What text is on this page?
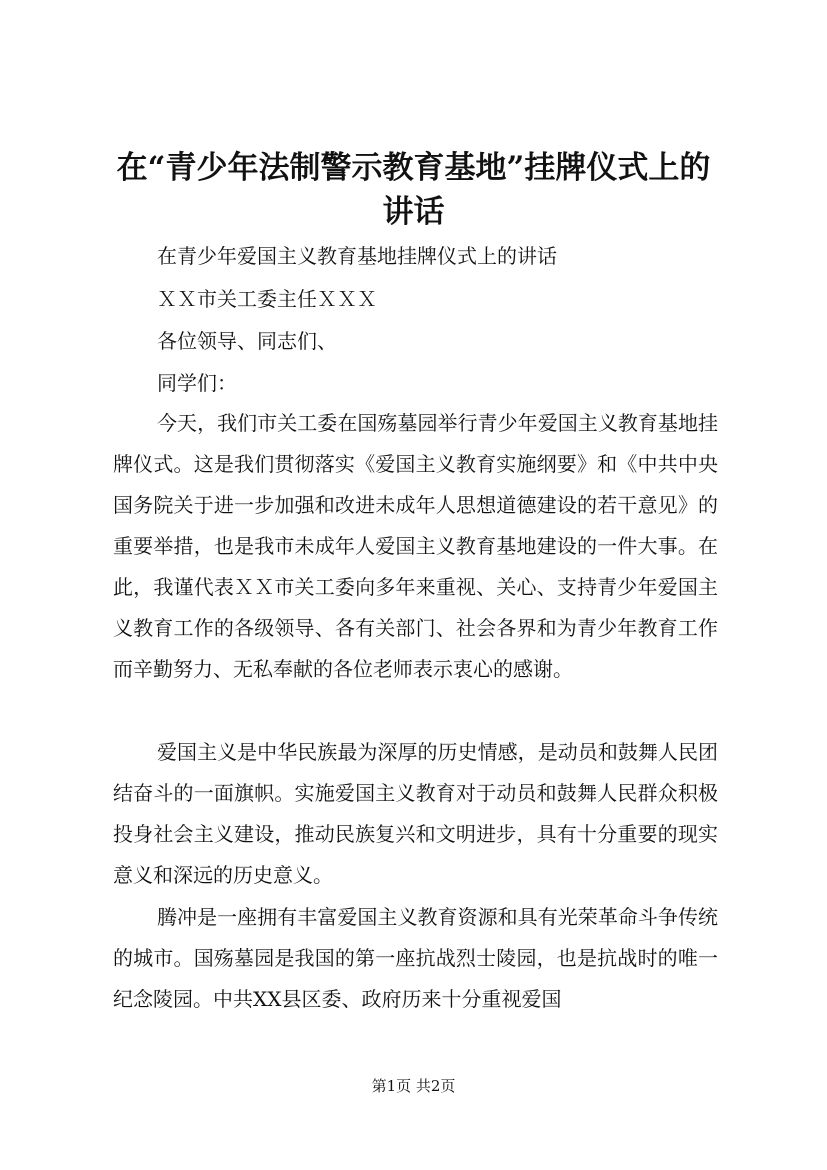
在“青少年法制警示教育基地”挂牌仪式上的
讲话
在青少年爱国主义教育基地挂牌仪式上的讲话
ＸＸ市关工委主任ＸＸＸ
各位领导、同志们、
同学们：

今天，我们市关工委在国殇墓园举行青少年爱国主义教育基地挂牌仪式。这是我们贯彻落实《爱国主义教育实施纲要》和《中共中央国务院关于进一步加强和改进未成年人思想道德建设的若干意见》的重要举措，也是我市未成年人爱国主义教育基地建设的一件大事。在此，我谨代表ＸＸ市关工委向多年来重视、关心、支持青少年爱国主义教育工作的各级领导、各有关部门、社会各界和为青少年教育工作而辛勤努力、无私奉献的各位老师表示衷心的感谢。

爱国主义是中华民族最为深厚的历史情感，是动员和鼓舞人民团结奋斗的一面旗帜。实施爱国主义教育对于动员和鼓舞人民群众积极投身社会主义建设，推动民族复兴和文明进步，具有十分重要的现实意义和深远的历史意义。

腾冲是一座拥有丰富爱国主义教育资源和具有光荣革命斗争传统的城市。国殇墓园是我国的第一座抗战烈士陵园，也是抗战时的唯一纪念陵园。中共XX县区委、政府历来十分重视爱国

第1页 共2页
